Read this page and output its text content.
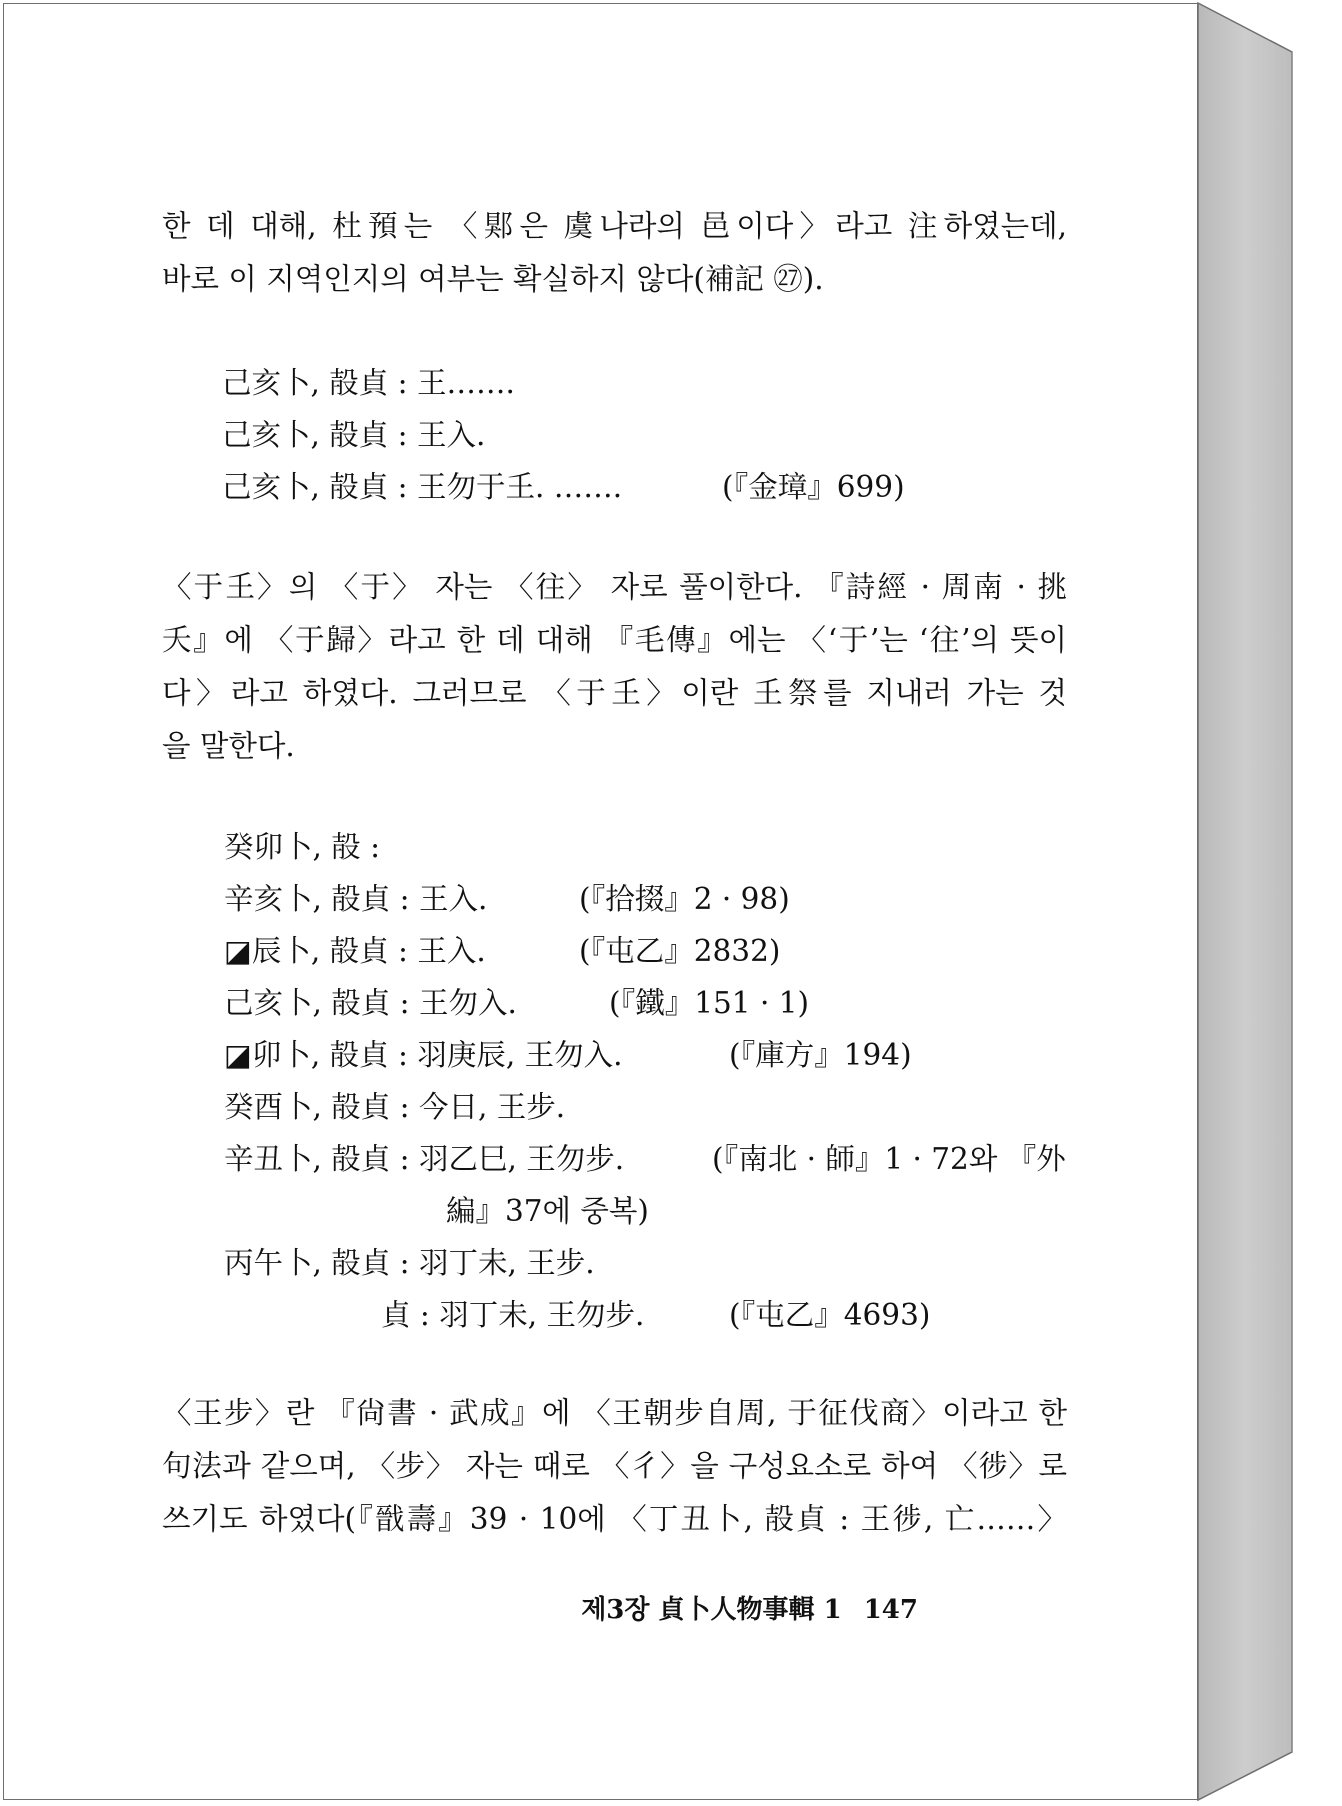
한 데 대해, 杜預는 〈郹은 虞나라의 邑이다〉라고 注하였는데,
바로 이 지역인지의 여부는 확실하지 않다(補記 ㉗).
己亥卜, 㱿貞 : 王…….
己亥卜, 㱿貞 : 王入.
己亥卜, 㱿貞 : 王勿于𡈼. …….	(『金璋』699)
〈于𡈼〉의 〈于〉 자는 〈往〉 자로 풀이한다. 『詩經 · 周南 · 挑
夭』에 〈于歸〉라고 한 데 대해 『毛傳』에는 〈‘于’는 ‘往’의 뜻이
다〉라고 하였다. 그러므로 〈于𡈼〉이란 𡈼祭를 지내러 가는 것
을 말한다.
癸卯卜, 㱿 :
辛亥卜, 㱿貞 : 王入.	(『拾掇』2 · 98)
◪辰卜, 㱿貞 : 王入.	(『屯乙』2832)
己亥卜, 㱿貞 : 王勿入.	(『鐵』151 · 1)
◪卯卜, 㱿貞 : 羽庚辰, 王勿入.	(『庫方』194)
癸酉卜, 㱿貞 : 今日, 王步.
辛丑卜, 㱿貞 : 羽乙巳, 王勿步.	(『南北 · 師』1 · 72와 『外
編』37에 중복)
丙午卜, 㱿貞 : 羽丁未, 王步.
貞 : 羽丁未, 王勿步.	(『屯乙』4693)
〈王步〉란 『尙書 · 武成』에 〈王朝步自周, 于征伐商〉이라고 한
句法과 같으며, 〈步〉 자는 때로 〈彳〉을 구성요소로 하여 〈徏〉로
쓰기도 하였다(『戩壽』39 · 10에 〈丁丑卜, 㱿貞 : 王徏, 亡……〉
제3장 貞卜人物事輯 1 147
